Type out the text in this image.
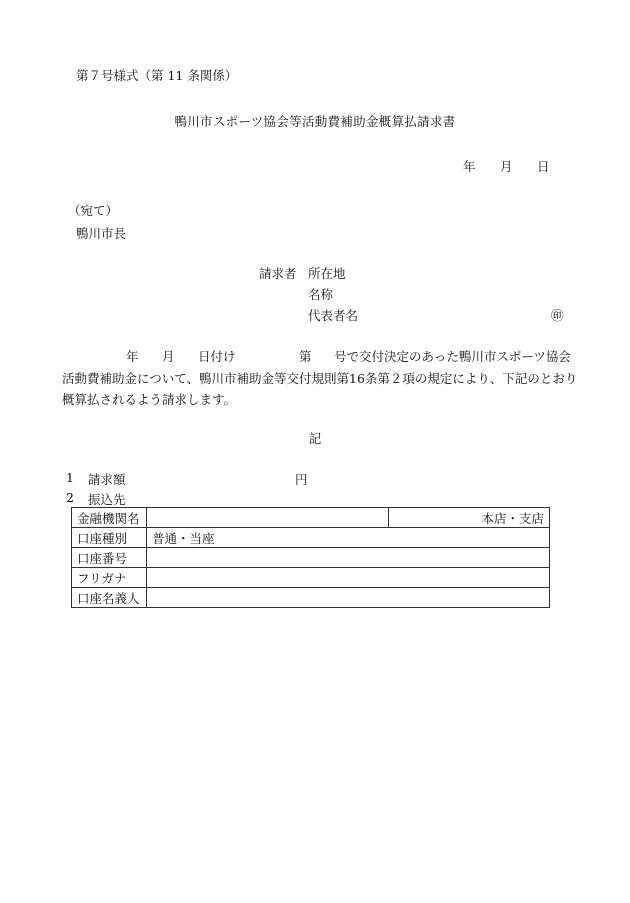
第７号様式（第 11 条関係）
鴨川市スポーツ協会等活動費補助金概算払請求書
年 月 日
（宛て）
鴨川市長
請求者 所在地
名称
代表者名	㊞
年 月 日付け	第 号で交付決定のあった鴨川市スポーツ協会
活動費補助金について、鴨川市補助金等交付規則第16条第２項の規定により、下記のとおり
概算払されるよう請求します。
記
1 請求額	円
2 振込先
金融機関名		本店・支店
口座種別	普通・当座	
口座番号		
フリガナ		
口座名義人		
